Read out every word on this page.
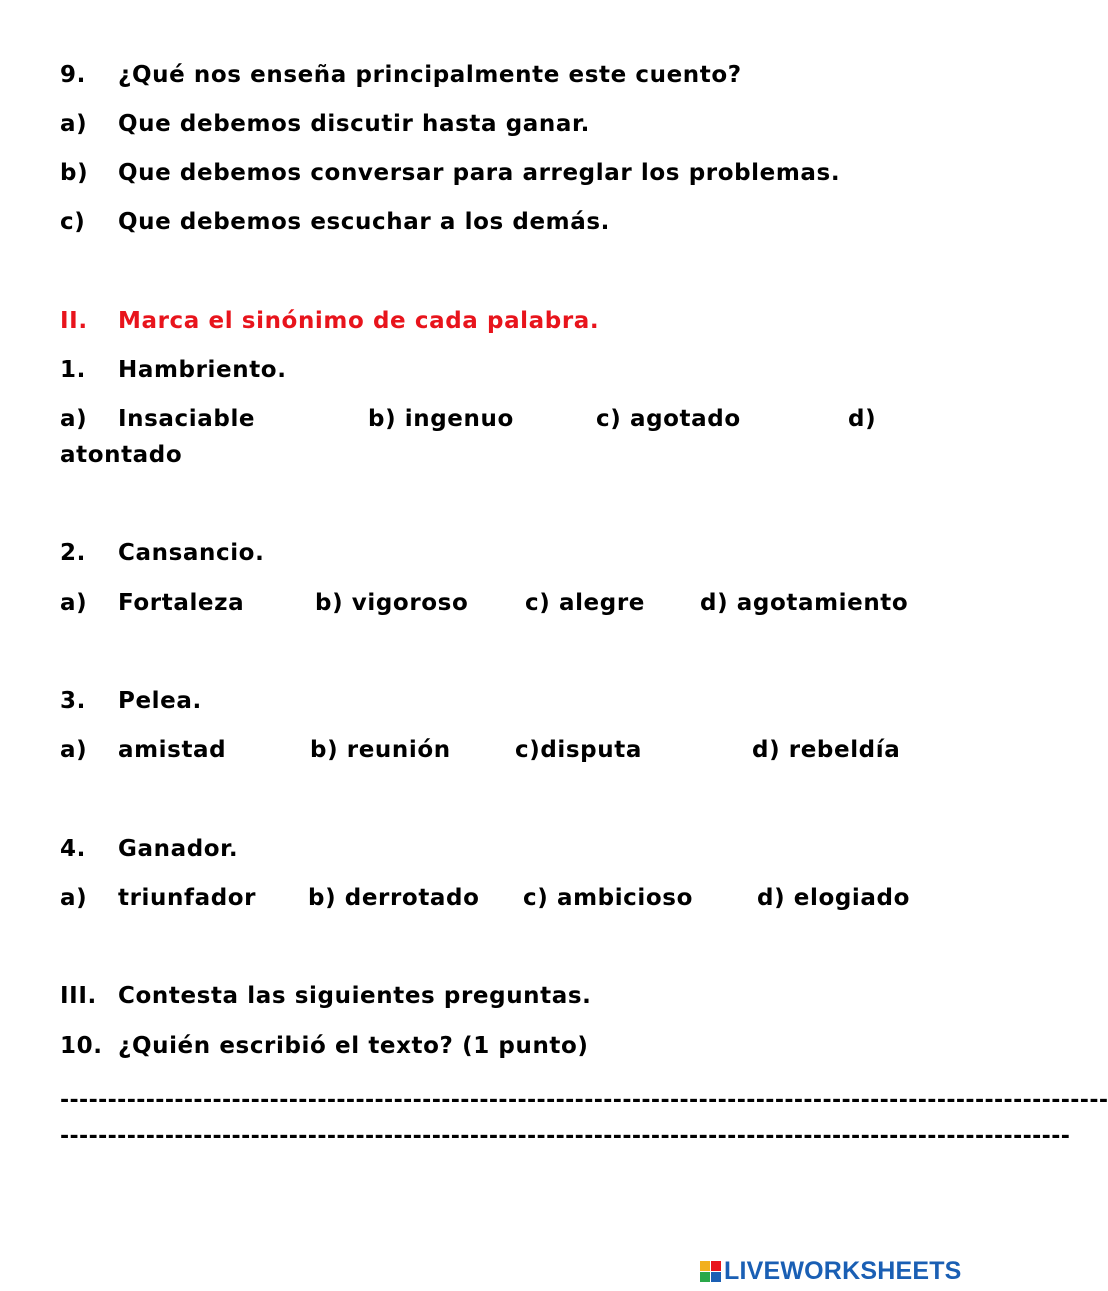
9. ¿Qué nos enseña principalmente este cuento?
a) Que debemos discutir hasta ganar.
b) Que debemos conversar para arreglar los problemas.
c) Que debemos escuchar a los demás.
II. Marca el sinónimo de cada palabra.
1. Hambriento.
a) Insaciable	b) ingenuo	c) agotado	d)
atontado
2. Cansancio.
a) Fortaleza	b) vigoroso c) alegre d) agotamiento
3. Pelea.
a) amistad	b) reunión	c)disputa	d) rebeldía
4. Ganador.
a) triunfador b) derrotado c) ambicioso	d) elogiado
III. Contesta las siguientes preguntas.
10. ¿Quién escribió el texto? (1 punto)
--------------------------------------------------------------------------------------------------------------
----------------------------------------------------------------------------------------------------------
LIVEWORKSHEETS
